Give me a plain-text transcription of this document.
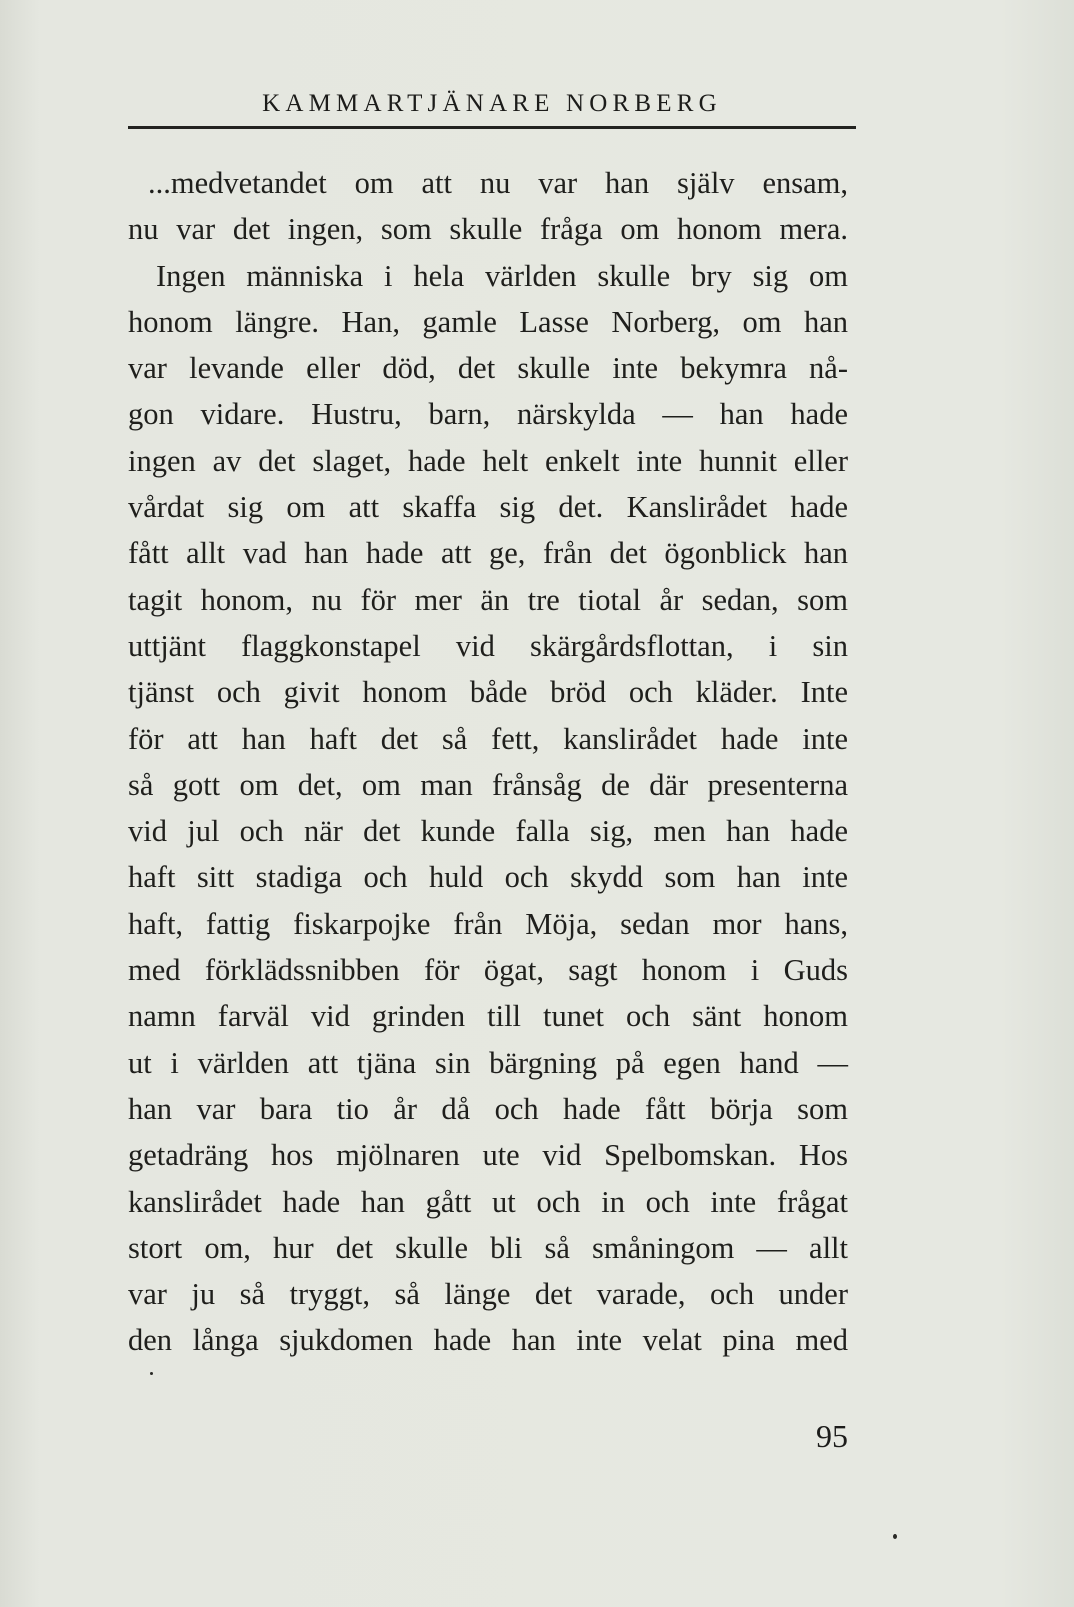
KAMMARTJÄNARE NORBERG
...medvetandet om att nu var han själv ensam,
nu var det ingen, som skulle fråga om honom mera.
Ingen människa i hela världen skulle bry sig om
honom längre. Han, gamle Lasse Norberg, om han
var levande eller död, det skulle inte bekymra nå-
gon vidare. Hustru, barn, närskylda — han hade
ingen av det slaget, hade helt enkelt inte hunnit eller
vårdat sig om att skaffa sig det. Kanslirådet hade
fått allt vad han hade att ge, från det ögonblick han
tagit honom, nu för mer än tre tiotal år sedan, som
uttjänt flaggkonstapel vid skärgårdsflottan, i sin
tjänst och givit honom både bröd och kläder. Inte
för att han haft det så fett, kanslirådet hade inte
så gott om det, om man frånsåg de där presenterna
vid jul och när det kunde falla sig, men han hade
haft sitt stadiga och huld och skydd som han inte
haft, fattig fiskarpojke från Möja, sedan mor hans,
med förklädssnibben för ögat, sagt honom i Guds
namn farväl vid grinden till tunet och sänt honom
ut i världen att tjäna sin bärgning på egen hand —
han var bara tio år då och hade fått börja som
getadräng hos mjölnaren ute vid Spelbomskan. Hos
kanslirådet hade han gått ut och in och inte frågat
stort om, hur det skulle bli så småningom — allt
var ju så tryggt, så länge det varade, och under
den långa sjukdomen hade han inte velat pina med
95
